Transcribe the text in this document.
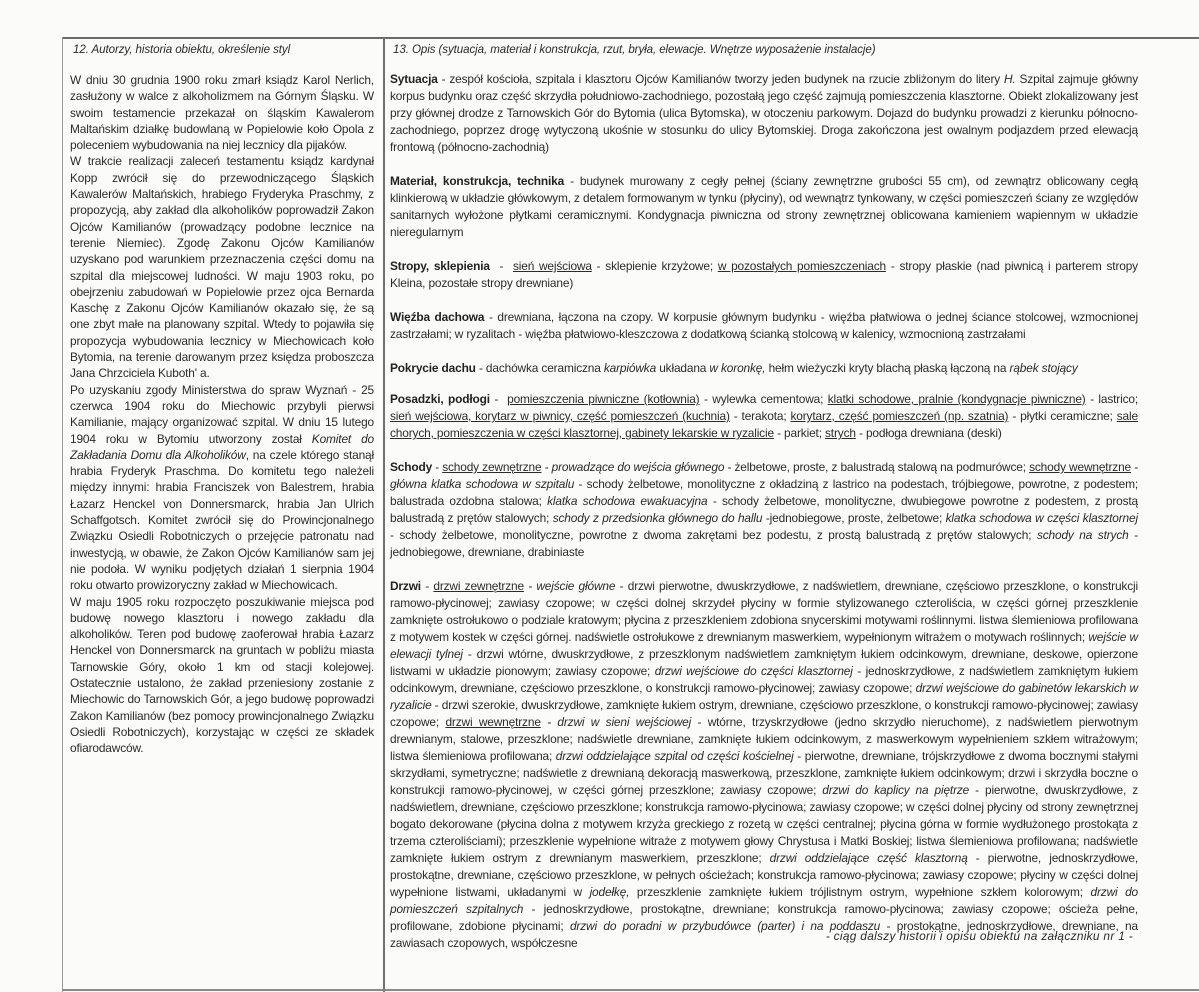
12. Autorzy, historia obiektu, określenie styl

W dniu 30 grudnia 1900 roku zmarł ksiądz Karol Nerlich, zasłużony w walce z alkoholizmem na Górnym Śląsku. W swoim testamencie przekazał on śląskim Kawalerom Maltańskim działkę budowlaną w Popielowie koło Opola z poleceniem wybudowania na niej lecznicy dla pijaków.

W trakcie realizacji zaleceń testamentu ksiądz kardynał Kopp zwrócił się do przewodniczącego Śląskich Kawalerów Maltańskich, hrabiego Fryderyka Praschmy, z propozycją, aby zakład dla alkoholików poprowadził Zakon Ojców Kamilianów (prowadzący podobne lecznice na terenie Niemiec). Zgodę Zakonu Ojców Kamilianów uzyskano pod warunkiem przeznaczenia części domu na szpital dla miejscowej ludności. W maju 1903 roku, po obejrzeniu zabudowań w Popielowie przez ojca Bernarda Kaschę z Zakonu Ojców Kamilianów okazało się, że są one zbyt małe na planowany szpital. Wtedy to pojawiła się propozycja wybudowania lecznicy w Miechowicach koło Bytomia, na terenie darowanym przez księdza proboszcza Jana Chrzciciela Kuboth' a.

Po uzyskaniu zgody Ministerstwa do spraw Wyznań - 25 czerwca 1904 roku do Miechowic przybyli pierwsi Kamilianie, mający organizować szpital. W dniu 15 lutego 1904 roku w Bytomiu utworzony został Komitet do Zakładania Domu dla Alkoholików, na czele którego stanął hrabia Fryderyk Praschma. Do komitetu tego należeli między innymi: hrabia Franciszek von Balestrem, hrabia Łazarz Henckel von Donnersmarck, hrabia Jan Ulrich Schaffgotsch. Komitet zwrócił się do Prowincjonalnego Związku Osiedli Robotniczych o przejęcie patronatu nad inwestycją, w obawie, że Zakon Ojców Kamilianów sam jej nie podoła. W wyniku podjętych działań 1 sierpnia 1904 roku otwarto prowizoryczny zakład w Miechowicach.

W maju 1905 roku rozpoczęto poszukiwanie miejsca pod budowę nowego klasztoru i nowego zakładu dla alkoholików. Teren pod budowę zaoferował hrabia Łazarz Henckel von Donnersmarck na gruntach w pobliżu miasta Tarnowskie Góry, około 1 km od stacji kolejowej. Ostatecznie ustalono, że zakład przeniesiony zostanie z Miechowic do Tarnowskich Gór, a jego budowę poprowadzi Zakon Kamilianów (bez pomocy prowincjonalnego Związku Osiedli Robotniczych), korzystając w części ze składek ofiarodawców.

13. Opis (sytuacja, materiał i konstrukcja, rzut, bryła, elewacje. Wnętrze wyposażenie instalacje)

Sytuacja - zespół kościoła, szpitala i klasztoru Ojców Kamilianów tworzy jeden budynek na rzucie zbliżonym do litery H. Szpital zajmuje główny korpus budynku oraz część skrzydła południowo-zachodniego, pozostałą jego część zajmują pomieszczenia klasztorne. Obiekt zlokalizowany jest przy głównej drodze z Tarnowskich Gór do Bytomia (ulica Bytomska), w otoczeniu parkowym. Dojazd do budynku prowadzi z kierunku północno-zachodniego, poprzez drogę wytyczoną ukośnie w stosunku do ulicy Bytomskiej. Droga zakończona jest owalnym podjazdem przed elewacją frontową (północno-zachodnią)

Materiał, konstrukcja, technika - budynek murowany z cegły pełnej (ściany zewnętrzne grubości 55 cm), od zewnątrz oblicowany cegłą klinkierową w układzie główkowym, z detalem formowanym w tynku (płyciny), od wewnątrz tynkowany, w części pomieszczeń ściany ze względów sanitarnych wyłożone płytkami ceramicznymi. Kondygnacja piwniczna od strony zewnętrznej oblicowana kamieniem wapiennym w układzie nieregularnym

Stropy, sklepienia  -  sień wejściowa - sklepienie krzyżowe; w pozostałych pomieszczeniach - stropy płaskie (nad piwnicą i parterem stropy Kleina, pozostałe stropy drewniane)

Więźba dachowa - drewniana, łączona na czopy. W korpusie głównym budynku - więźba płatwiowa o jednej ściance stolcowej, wzmocnionej zastrzałami; w ryzalitach - więźba płatwiowo-kleszczowa z dodatkową ścianką stolcową w kalenicy, wzmocnioną zastrzałami

Pokrycie dachu - dachówka ceramiczna karpiówka układana w koronkę, hełm wieżyczki kryty blachą płaską łączoną na rąbek stojący

Posadzki, podłogi -  pomieszczenia piwniczne (kotłownia) - wylewka cementowa; klatki schodowe, pralnie (kondygnacje piwniczne) - lastrico; sień wejściowa, korytarz w piwnicy, część pomieszczeń (kuchnia) - terakota; korytarz, część pomieszczeń (np. szatnia) - płytki ceramiczne; sale chorych, pomieszczenia w części klasztornej, gabinety lekarskie w ryzalicie - parkiet; strych - podłoga drewniana (deski)

Schody - schody zewnętrzne - prowadzące do wejścia głównego - żelbetowe, proste, z balustradą stalową na podmurówce; schody wewnętrzne - główna klatka schodowa w szpitalu - schody żelbetowe, monolityczne z okładziną z lastrico na podestach, trójbiegowe, powrotne, z podestem; balustrada ozdobna stalowa; klatka schodowa ewakuacyjna - schody żelbetowe, monolityczne, dwubiegowe powrotne z podestem, z prostą balustradą z prętów stalowych; schody z przedsionka głównego do hallu -jednobiegowe, proste, żelbetowe; klatka schodowa w części klasztornej - schody żelbetowe, monolityczne, powrotne z dwoma zakrętami bez podestu, z prostą balustradą z prętów stalowych; schody na strych - jednobiegowe, drewniane, drabiniaste

Drzwi - drzwi zewnętrzne - wejście główne - drzwi pierwotne, dwuskrzydłowe, z nadświetlem, drewniane, częściowo przeszklone, o konstrukcji ramowo-płycinowej; zawiasy czopowe; w części dolnej skrzydeł płyciny w formie stylizowanego czteroliścia, w części górnej przeszklenie zamknięte ostrołukowo o podziale kratowym; płycina z przeszkleniem zdobiona snycerskimi motywami roślinnymi. listwa ślemieniowa profilowana z motywem kostek w części górnej. nadświetle ostrołukowe z drewnianym maswerkiem, wypełnionym witrażem o motywach roślinnych; wejście w elewacji tylnej - drzwi wtórne, dwuskrzydłowe, z przeszklonym nadświetlem zamkniętym łukiem odcinkowym, drewniane, deskowe, opierzone listwami w układzie pionowym; zawiasy czopowe; drzwi wejściowe do części klasztornej - jednoskrzydłowe, z nadświetlem zamkniętym łukiem odcinkowym, drewniane, częściowo przeszklone, o konstrukcji ramowo-płycinowej; zawiasy czopowe; drzwi wejściowe do gabinetów lekarskich w ryzalicie - drzwi szerokie, dwuskrzydłowe, zamknięte łukiem ostrym, drewniane, częściowo przeszklone, o konstrukcji ramowo-płycinowej; zawiasy czopowe; drzwi wewnętrzne - drzwi w sieni wejściowej - wtórne, trzyskrzydłowe (jedno skrzydło nieruchome), z nadświetlem pierwotnym drewnianym, stalowe, przeszklone; nadświetle drewniane, zamknięte łukiem odcinkowym, z maswerkowym wypełnieniem szkłem witrażowym; listwa ślemieniowa profilowana; drzwi oddzielające szpital od części kościelnej - pierwotne, drewniane, trójskrzydłowe z dwoma bocznymi stałymi skrzydłami, symetryczne; nadświetle z drewnianą dekoracją maswerkową, przeszklone, zamknięte łukiem odcinkowym; drzwi i skrzydła boczne o konstrukcji ramowo-płycinowej, w części górnej przeszklone; zawiasy czopowe; drzwi do kaplicy na piętrze - pierwotne, dwuskrzydłowe, z nadświetlem, drewniane, częściowo przeszklone; konstrukcja ramowo-płycinowa; zawiasy czopowe; w części dolnej płyciny od strony zewnętrznej bogato dekorowane (płycina dolna z motywem krzyża greckiego z rozetą w części centralnej; płycina górna w formie wydłużonego prostokąta z trzema czteroliściami); przeszklenie wypełnione witraże z motywem głowy Chrystusa i Matki Boskiej; listwa ślemieniowa profilowana; nadświetle zamknięte łukiem ostrym z drewnianym maswerkiem, przeszklone; drzwi oddzielające część klasztorną - pierwotne, jednoskrzydłowe, prostokątne, drewniane, częściowo przeszklone, w pełnych ościeżach; konstrukcja ramowo-płycinowa; zawiasy czopowe; płyciny w części dolnej wypełnione listwami, układanymi w jodełkę, przeszklenie zamknięte łukiem trójlistnym ostrym, wypełnione szkłem kolorowym; drzwi do pomieszczeń szpitalnych - jednoskrzydłowe, prostokątne, drewniane; konstrukcja ramowo-płycinowa; zawiasy czopowe; ościeża pełne, profilowane, zdobione płycinami; drzwi do poradni w przybudówce (parter) i na poddaszu - prostokątne, jednoskrzydłowe, drewniane, na zawiasach czopowych, współczesne	- ciąg dalszy historii i opisu obiektu na załączniku nr 1 -
